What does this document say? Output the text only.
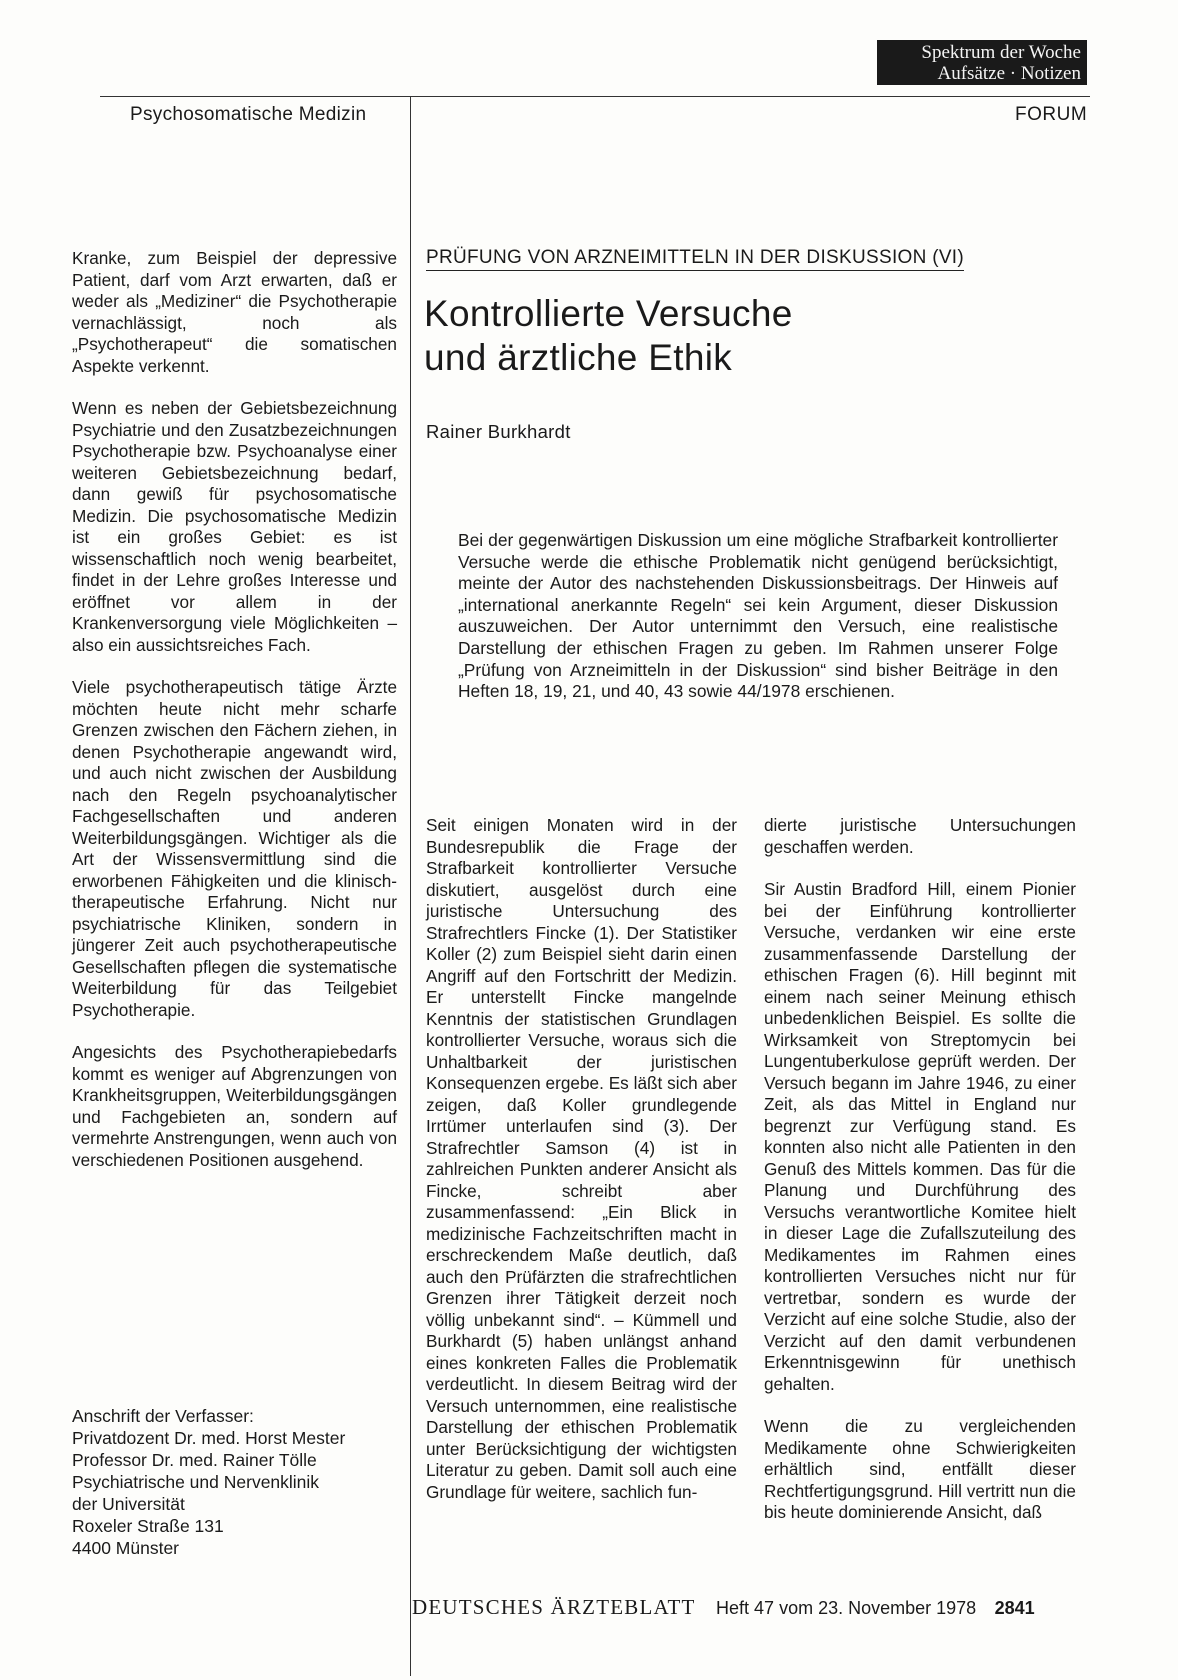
Spektrum der Woche
Aufsätze · Notizen
Psychosomatische Medizin	FORUM

Kranke, zum Beispiel der depressive Patient, darf vom Arzt erwarten, daß er weder als „Mediziner“ die Psychotherapie vernachlässigt, noch als „Psychotherapeut“ die somatischen Aspekte verkennt.

Wenn es neben der Gebietsbezeichnung Psychiatrie und den Zusatzbezeichnungen Psychotherapie bzw. Psychoanalyse einer weiteren Gebietsbezeichnung bedarf, dann gewiß für psychosomatische Medizin. Die psychosomatische Medizin ist ein großes Gebiet: es ist wissenschaftlich noch wenig bearbeitet, findet in der Lehre großes Interesse und eröffnet vor allem in der Krankenversorgung viele Möglichkeiten – also ein aussichtsreiches Fach.

Viele psychotherapeutisch tätige Ärzte möchten heute nicht mehr scharfe Grenzen zwischen den Fächern ziehen, in denen Psychotherapie angewandt wird, und auch nicht zwischen der Ausbildung nach den Regeln psychoanalytischer Fachgesellschaften und anderen Weiterbildungsgängen. Wichtiger als die Art der Wissensvermittlung sind die erworbenen Fähigkeiten und die klinisch-therapeutische Erfahrung. Nicht nur psychiatrische Kliniken, sondern in jüngerer Zeit auch psychotherapeutische Gesellschaften pflegen die systematische Weiterbildung für das Teilgebiet Psychotherapie.

Angesichts des Psychotherapiebedarfs kommt es weniger auf Abgrenzungen von Krankheitsgruppen, Weiterbildungsgängen und Fachgebieten an, sondern auf vermehrte Anstrengungen, wenn auch von verschiedenen Positionen ausgehend.

Anschrift der Verfasser:
Privatdozent Dr. med. Horst Mester
Professor Dr. med. Rainer Tölle
Psychiatrische und Nervenklinik
der Universität
Roxeler Straße 131
4400 Münster
PRÜFUNG VON ARZNEIMITTELN IN DER DISKUSSION (VI)
Kontrollierte Versuche
und ärztliche Ethik
Rainer Burkhardt
Bei der gegenwärtigen Diskussion um eine mögliche Strafbarkeit kontrollierter Versuche werde die ethische Problematik nicht genügend berücksichtigt, meinte der Autor des nachstehenden Diskussionsbeitrags. Der Hinweis auf „international anerkannte Regeln“ sei kein Argument, dieser Diskussion auszuweichen. Der Autor unternimmt den Versuch, eine realistische Darstellung der ethischen Fragen zu geben. Im Rahmen unserer Folge „Prüfung von Arzneimitteln in der Diskussion“ sind bisher Beiträge in den Heften 18, 19, 21, und 40, 43 sowie 44/1978 erschienen.

Seit einigen Monaten wird in der Bundesrepublik die Frage der Strafbarkeit kontrollierter Versuche diskutiert, ausgelöst durch eine juristische Untersuchung des Strafrechtlers Fincke (1). Der Statistiker Koller (2) zum Beispiel sieht darin einen Angriff auf den Fortschritt der Medizin. Er unterstellt Fincke mangelnde Kenntnis der statistischen Grundlagen kontrollierter Versuche, woraus sich die Unhaltbarkeit der juristischen Konsequenzen ergebe. Es läßt sich aber zeigen, daß Koller grundlegende Irrtümer unterlaufen sind (3). Der Strafrechtler Samson (4) ist in zahlreichen Punkten anderer Ansicht als Fincke, schreibt aber zusammenfassend: „Ein Blick in medizinische Fachzeitschriften macht in erschreckendem Maße deutlich, daß auch den Prüfärzten die strafrechtlichen Grenzen ihrer Tätigkeit derzeit noch völlig unbekannt sind“. – Kümmell und Burkhardt (5) haben unlängst anhand eines konkreten Falles die Problematik verdeutlicht. In diesem Beitrag wird der Versuch unternommen, eine realistische Darstellung der ethischen Problematik unter Berücksichtigung der wichtigsten Literatur zu geben. Damit soll auch eine Grundlage für weitere, sachlich fun-

dierte juristische Untersuchungen geschaffen werden.

Sir Austin Bradford Hill, einem Pionier bei der Einführung kontrollierter Versuche, verdanken wir eine erste zusammenfassende Darstellung der ethischen Fragen (6). Hill beginnt mit einem nach seiner Meinung ethisch unbedenklichen Beispiel. Es sollte die Wirksamkeit von Streptomycin bei Lungentuberkulose geprüft werden. Der Versuch begann im Jahre 1946, zu einer Zeit, als das Mittel in England nur begrenzt zur Verfügung stand. Es konnten also nicht alle Patienten in den Genuß des Mittels kommen. Das für die Planung und Durchführung des Versuchs verantwortliche Komitee hielt in dieser Lage die Zufallszuteilung des Medikamentes im Rahmen eines kontrollierten Versuches nicht nur für vertretbar, sondern es wurde der Verzicht auf eine solche Studie, also der Verzicht auf den damit verbundenen Erkenntnisgewinn für unethisch gehalten.

Wenn die zu vergleichenden Medikamente ohne Schwierigkeiten erhältlich sind, entfällt dieser Rechtfertigungsgrund. Hill vertritt nun die bis heute dominierende Ansicht, daß

DEUTSCHES ÄRZTEBLATT Heft 47 vom 23. November 1978 2841
